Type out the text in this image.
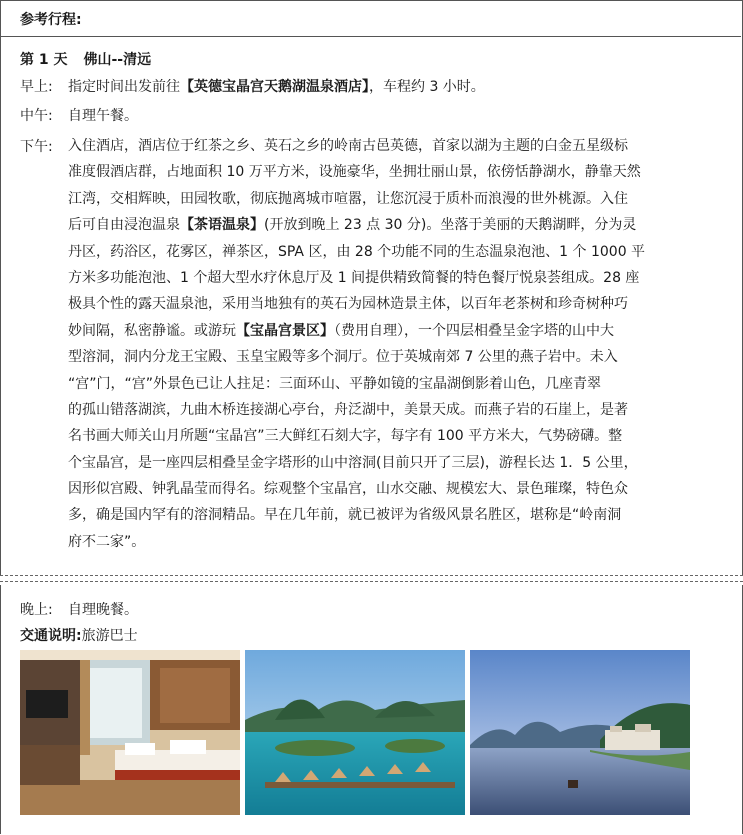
参考行程:
第 1 天 佛山--清远
早上: 指定时间出发前往【英德宝晶宫天鹅湖温泉酒店】，车程约 3 小时。
中午: 自理午餐。
下午: 入住酒店，酒店位于红茶之乡、英石之乡的岭南古邑英德，首家以湖为主题的白金五星级标
准度假酒店群，占地面积 10 万平方米，设施豪华，坐拥壮丽山景，依傍恬静湖水，静靠天然
江湾，交相辉映，田园牧歌，彻底抛离城市喧嚣，让您沉浸于质朴而浪漫的世外桃源。入住
后可自由浸泡温泉【茶语温泉】(开放到晚上 23 点 30 分)。坐落于美丽的天鹅湖畔，分为灵
丹区，药浴区，花雾区，禅茶区，SPA 区，由 28 个功能不同的生态温泉泡池、1 个 1000 平
方米多功能泡池、1 个超大型水疗休息厅及 1 间提供精致简餐的特色餐厅悦泉荟组成。28 座
极具个性的露天温泉池，采用当地独有的英石为园林造景主体，以百年老茶树和珍奇树种巧
妙间隔，私密静谧。或游玩【宝晶宫景区】（费用自理），一个四层相叠呈金字塔的山中大
型溶洞，洞内分龙王宝殿、玉皇宝殿等多个洞厅。位于英城南郊 7 公里的燕子岩中。未入
“宫”门，“宫”外景色已让人拄足：三面环山、平静如镜的宝晶湖倒影着山色，几座青翠
的孤山错落湖滨，九曲木桥连接湖心亭台，舟泛湖中，美景天成。而燕子岩的石崖上，是著
名书画大师关山月所题“宝晶宫”三大鲜红石刻大字，每字有 100 平方米大，气势磅礴。整
个宝晶宫，是一座四层相叠呈金字塔形的山中溶洞(目前只开了三层)，游程长达 1．5 公里，
因形似宫殿、钟乳晶莹而得名。综观整个宝晶宫，山水交融、规模宏大、景色璀璨，特色众
多，确是国内罕有的溶洞精品。早在几年前，就已被评为省级风景名胜区，堪称是“岭南洞
府不二家”。
晚上: 自理晚餐。
交通说明:旅游巴士
